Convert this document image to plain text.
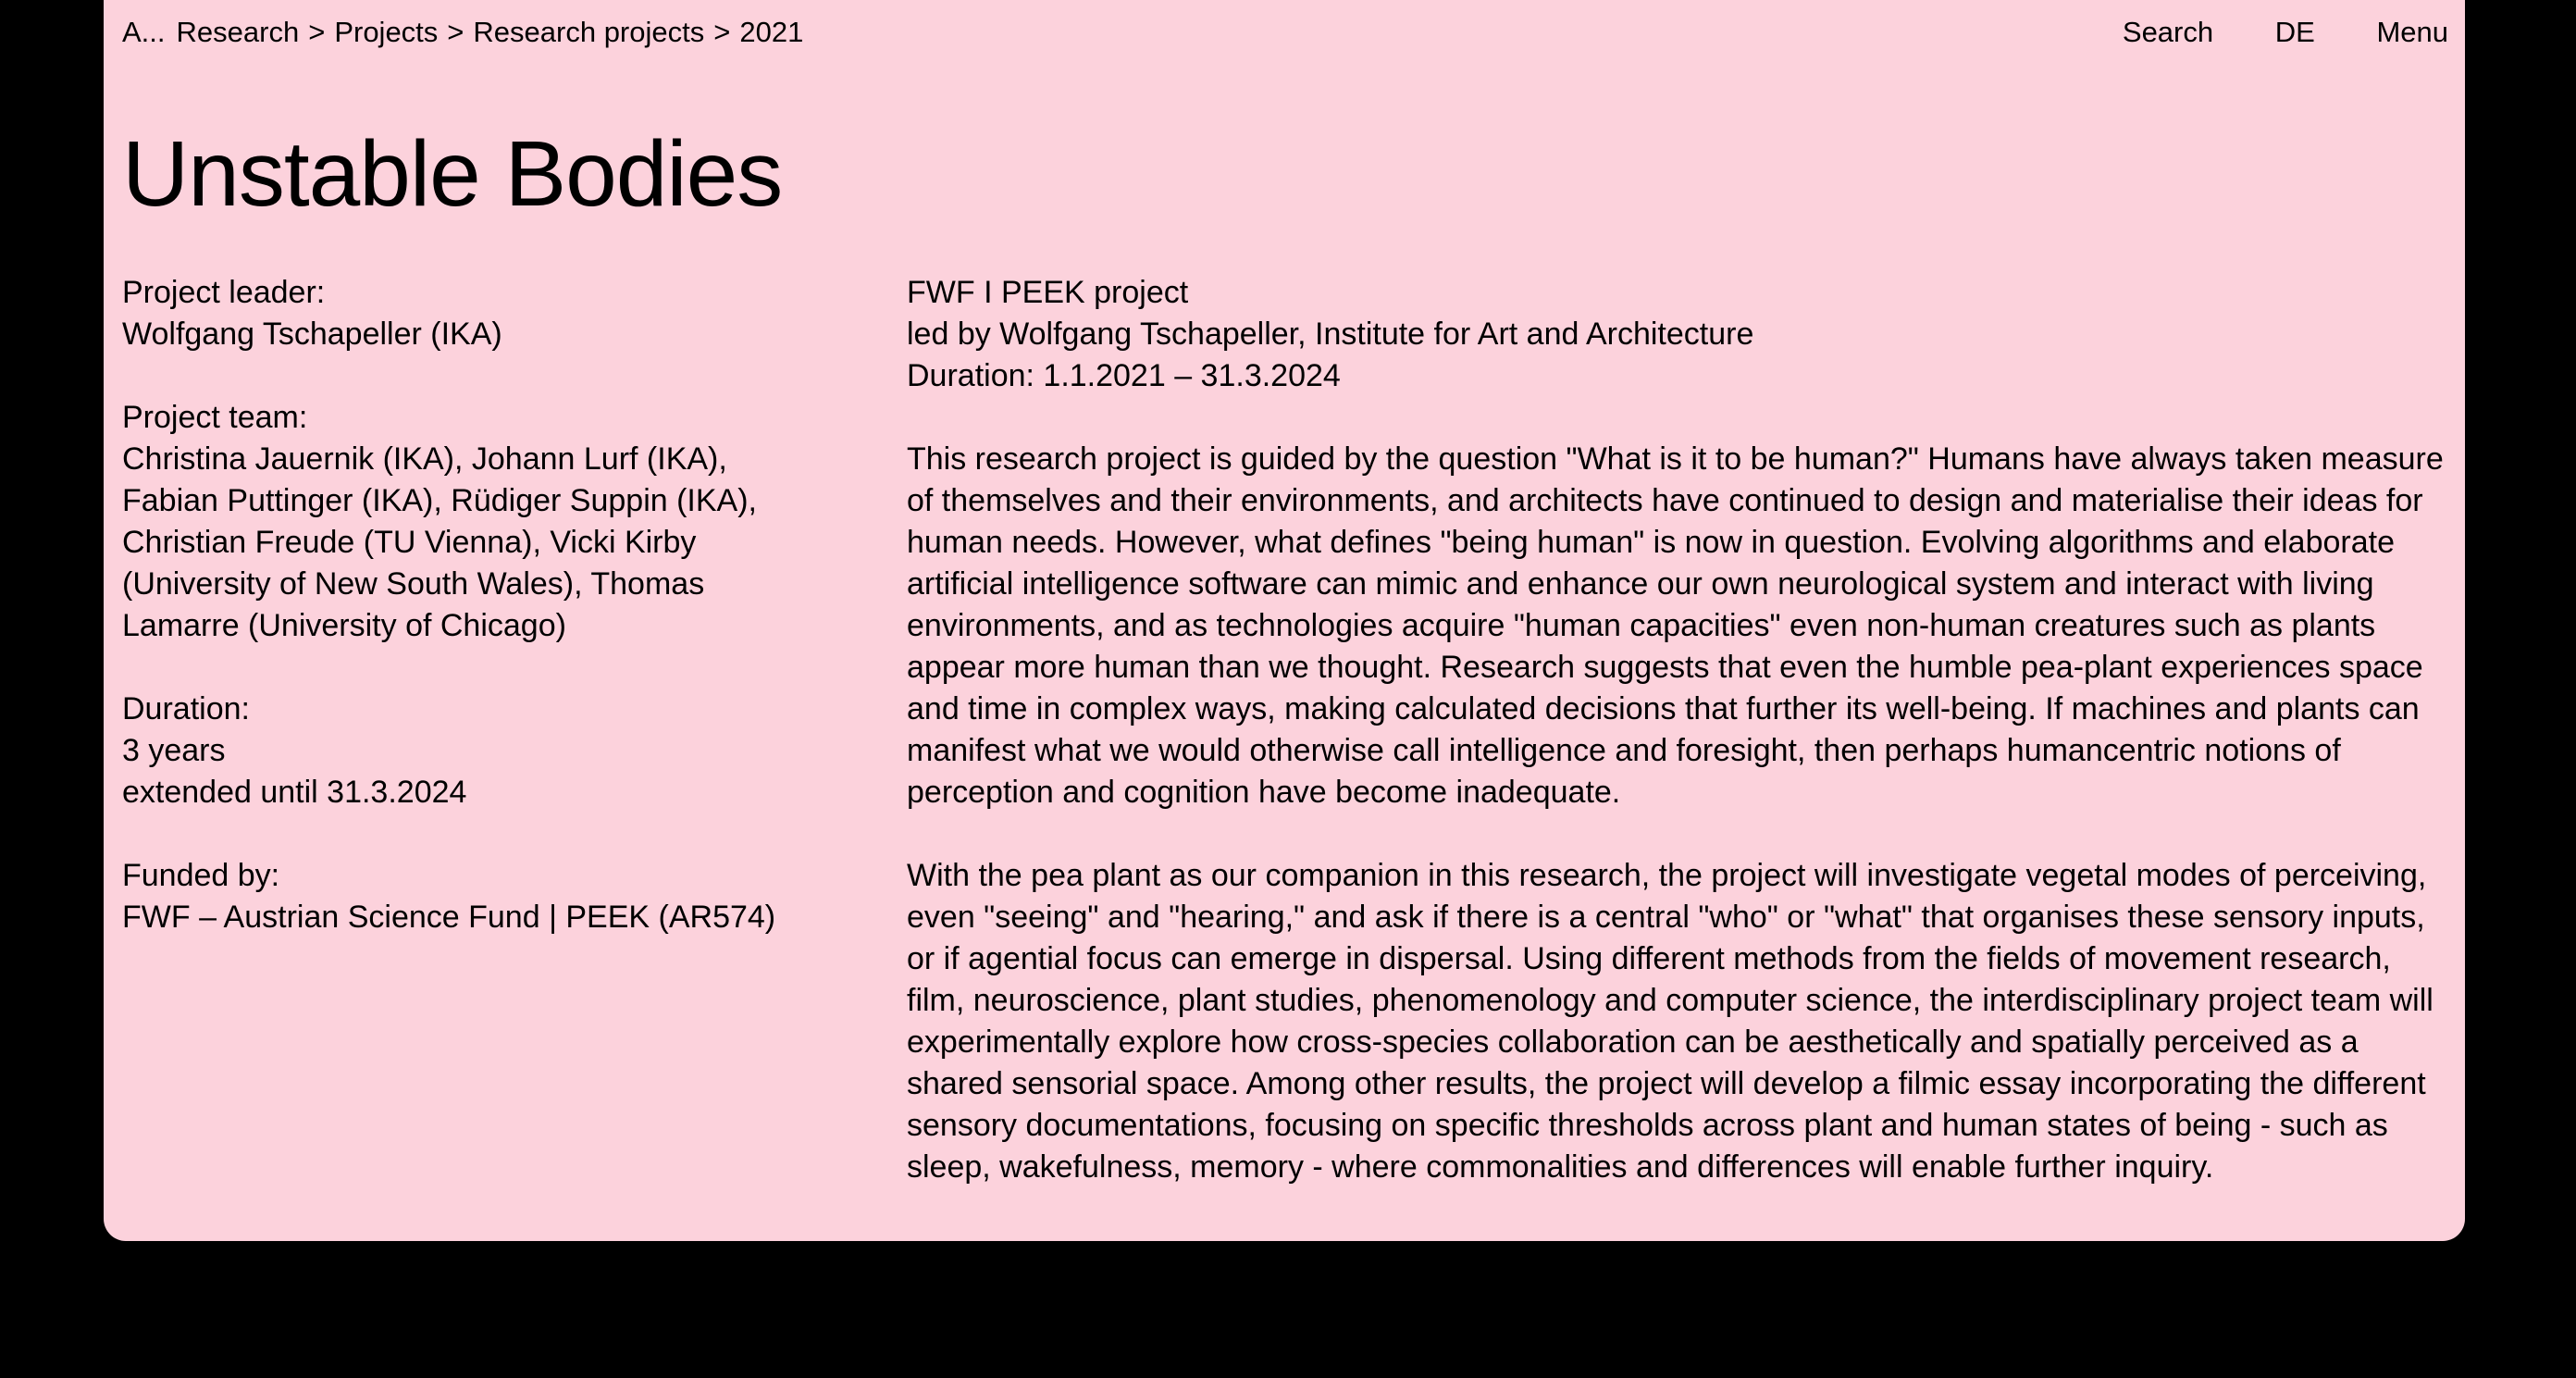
A... Research > Projects > Research projects > 2021	Search DE Menu
Unstable Bodies
Project leader:
Wolfgang Tschapeller (IKA)
Project team:
Christina Jauernik (IKA), Johann Lurf (IKA), Fabian Puttinger (IKA), Rüdiger Suppin (IKA), Christian Freude (TU Vienna), Vicki Kirby (University of New South Wales), Thomas Lamarre (University of Chicago)
Duration:
3 years
extended until 31.3.2024
Funded by:
FWF – Austrian Science Fund | PEEK (AR574)
FWF I PEEK project
led by Wolfgang Tschapeller, Institute for Art and Architecture
Duration: 1.1.2021 – 31.3.2024

This research project is guided by the question "What is it to be human?" Humans have always taken measure of themselves and their environments, and architects have continued to design and materialise their ideas for human needs. However, what defines "being human" is now in question. Evolving algorithms and elaborate artificial intelligence software can mimic and enhance our own neurological system and interact with living environments, and as technologies acquire "human capacities" even non-human creatures such as plants appear more human than we thought. Research suggests that even the humble pea-plant experiences space and time in complex ways, making calculated decisions that further its well-being. If machines and plants can manifest what we would otherwise call intelligence and foresight, then perhaps humancentric notions of perception and cognition have become inadequate.

With the pea plant as our companion in this research, the project will investigate vegetal modes of perceiving, even "seeing" and "hearing," and ask if there is a central "who" or "what" that organises these sensory inputs, or if agential focus can emerge in dispersal. Using different methods from the fields of movement research, film, neuroscience, plant studies, phenomenology and computer science, the interdisciplinary project team will experimentally explore how cross-species collaboration can be aesthetically and spatially perceived as a shared sensorial space. Among other results, the project will develop a filmic essay incorporating the different sensory documentations, focusing on specific thresholds across plant and human states of being - such as sleep, wakefulness, memory - where commonalities and differences will enable further inquiry.
